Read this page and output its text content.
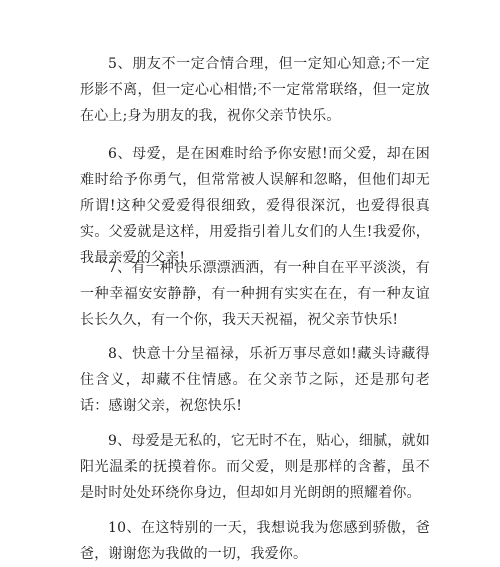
5、朋友不一定合情合理，但一定知心知意;不一定形影不离，但一定心心相惜;不一定常常联络，但一定放在心上;身为朋友的我，祝你父亲节快乐。

6、母爱，是在困难时给予你安慰!而父爱，却在困难时给予你勇气，但常常被人误解和忽略，但他们却无所谓!这种父爱爱得很细致，爱得很深沉，也爱得很真实。父爱就是这样，用爱指引着儿女们的人生!我爱你，我最亲爱的父亲!

7、有一种快乐漂漂洒洒，有一种自在平平淡淡，有一种幸福安安静静，有一种拥有实实在在，有一种友谊长长久久，有一个你，我天天祝福，祝父亲节快乐!

8、快意十分呈福禄，乐祈万事尽意如!藏头诗藏得住含义，却藏不住情感。在父亲节之际，还是那句老话：感谢父亲，祝您快乐!

9、母爱是无私的，它无时不在，贴心，细腻，就如阳光温柔的抚摸着你。而父爱，则是那样的含蓄，虽不是时时处处环绕你身边，但却如月光朗朗的照耀着你。

10、在这特别的一天，我想说我为您感到骄傲，爸爸，谢谢您为我做的一切，我爱你。
